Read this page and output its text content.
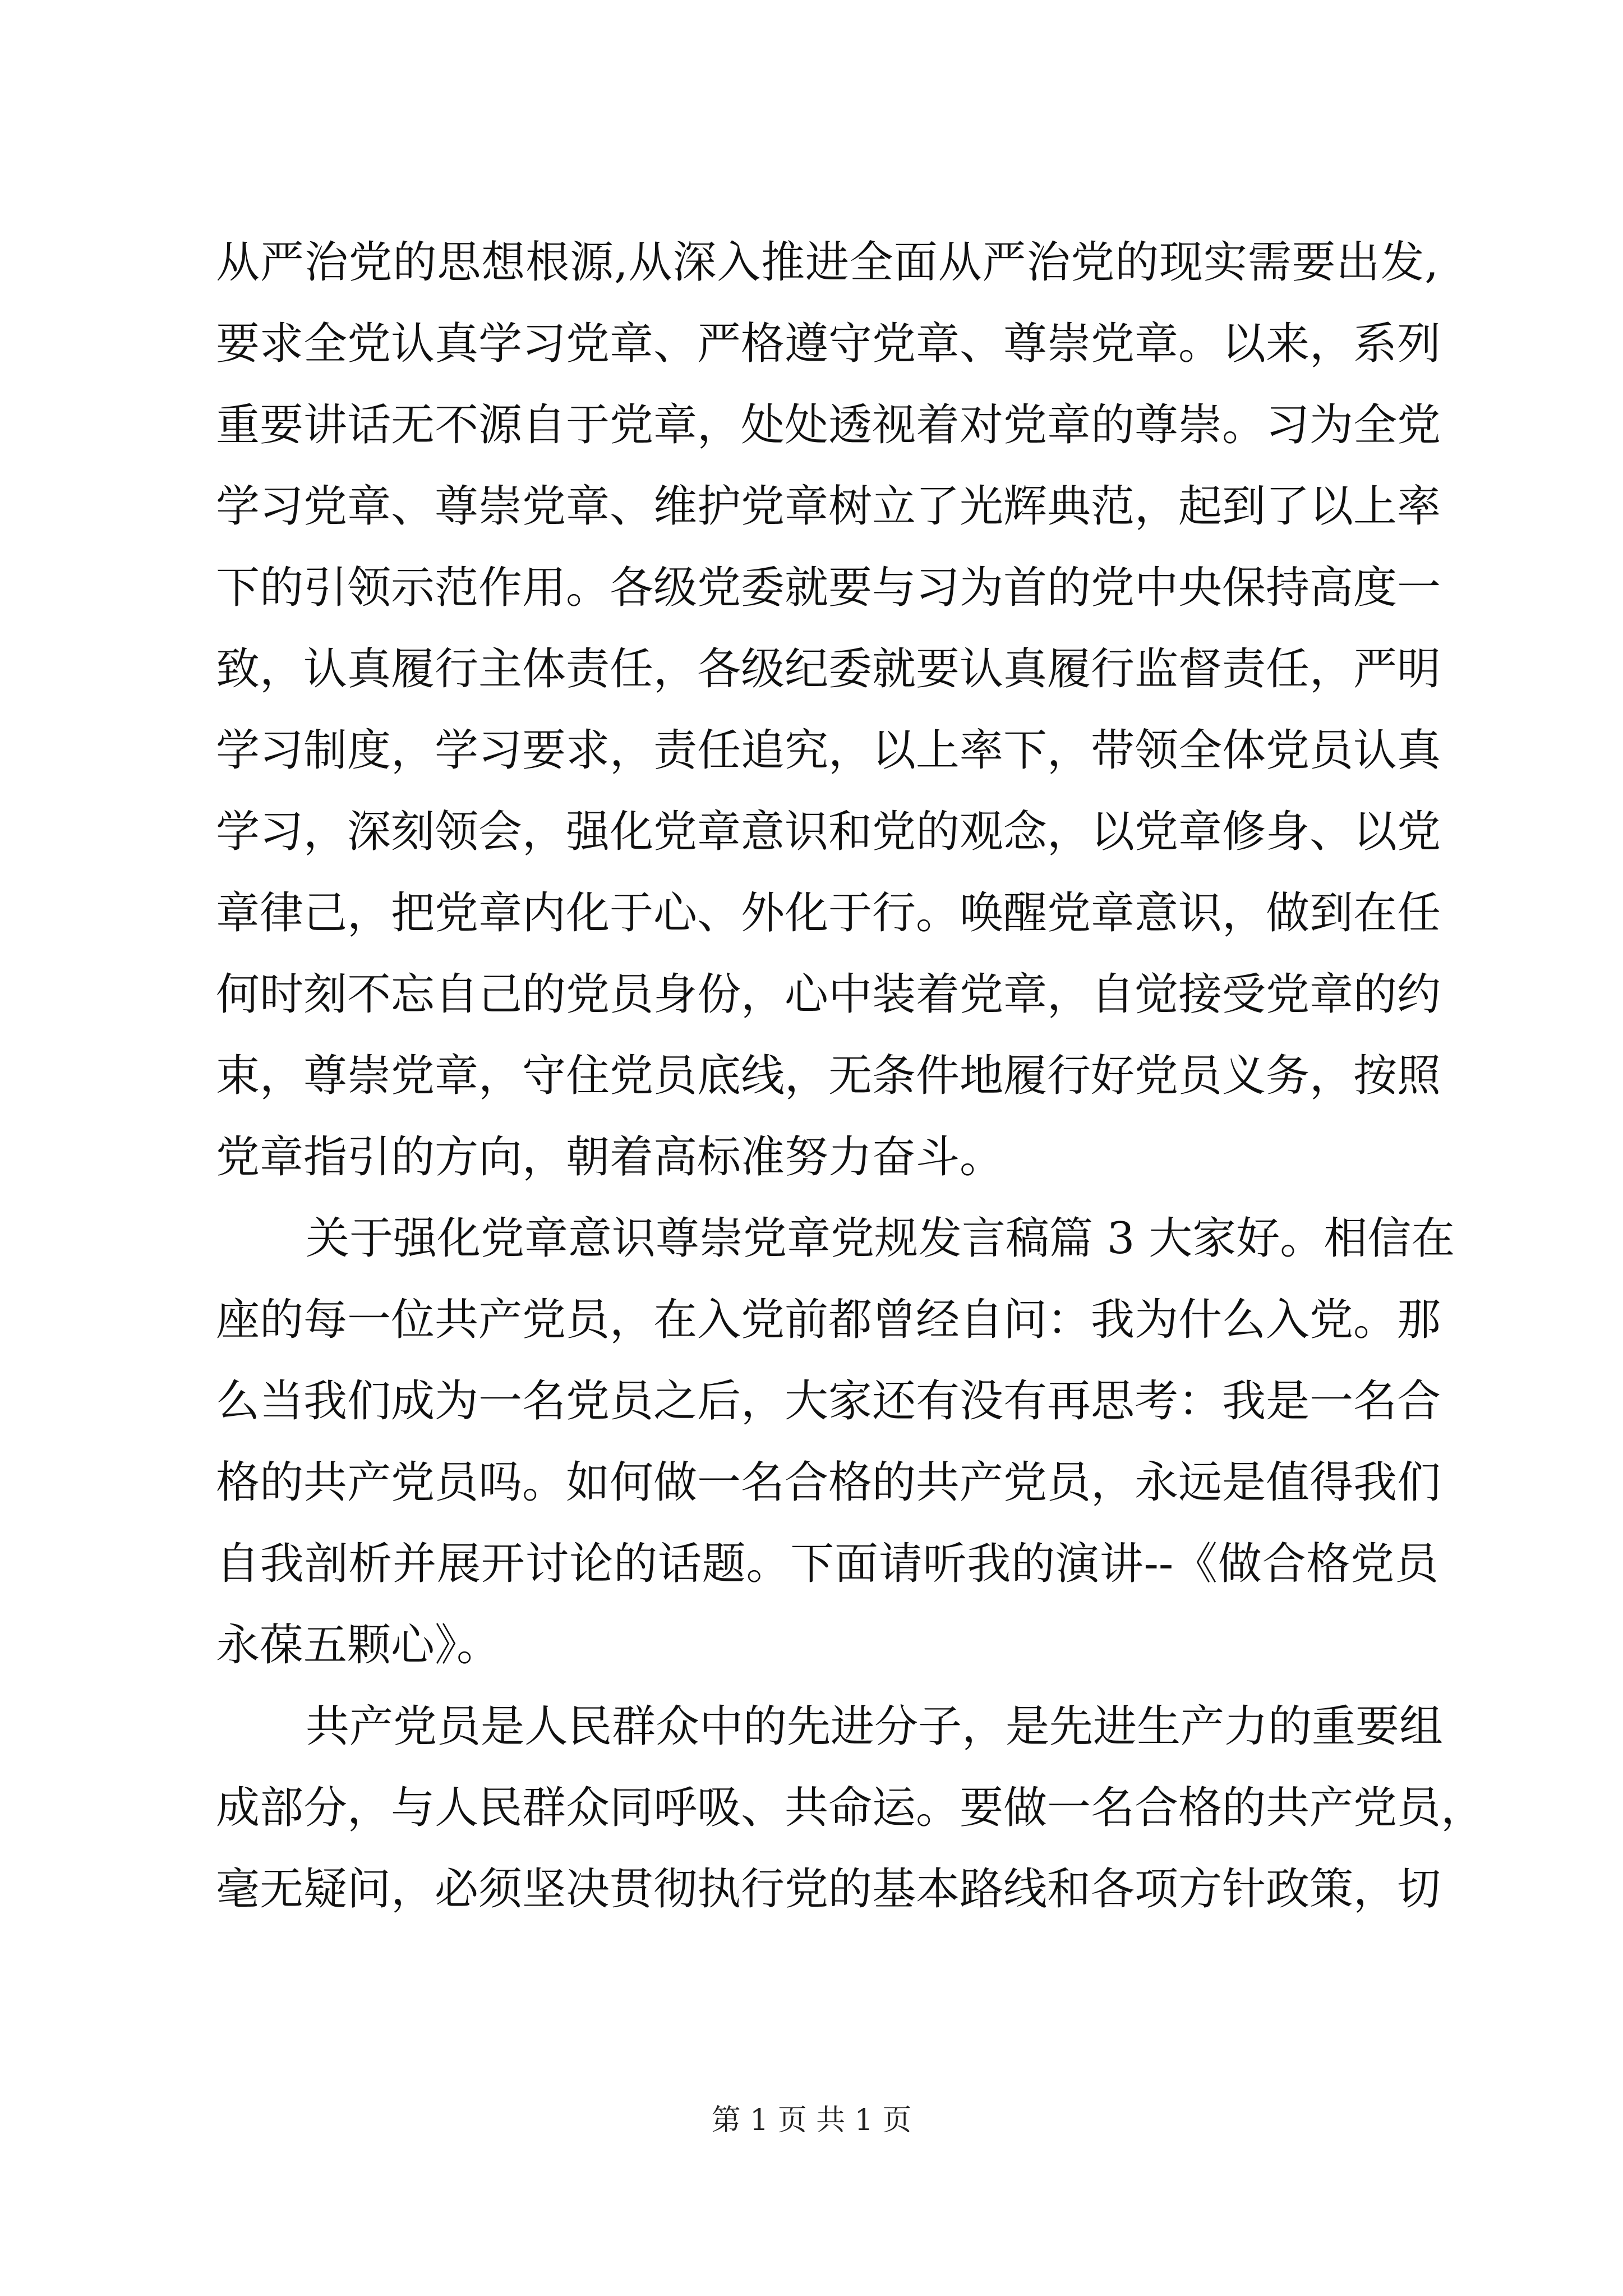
从严治党的思想根源,从深入推进全面从严治党的现实需要出发,
要求全党认真学习党章、严格遵守党章、尊崇党章。以来，系列
重要讲话无不源自于党章，处处透视着对党章的尊崇。习为全党
学习党章、尊崇党章、维护党章树立了光辉典范，起到了以上率
下的引领示范作用。各级党委就要与习为首的党中央保持高度一
致，认真履行主体责任，各级纪委就要认真履行监督责任，严明
学习制度，学习要求，责任追究，以上率下，带领全体党员认真
学习，深刻领会，强化党章意识和党的观念，以党章修身、以党
章律己，把党章内化于心、外化于行。唤醒党章意识，做到在任
何时刻不忘自己的党员身份，心中装着党章，自觉接受党章的约
束，尊崇党章，守住党员底线，无条件地履行好党员义务，按照
党章指引的方向，朝着高标准努力奋斗。
关于强化党章意识尊崇党章党规发言稿篇 3 大家好。相信在
座的每一位共产党员，在入党前都曾经自问：我为什么入党。那
么当我们成为一名党员之后，大家还有没有再思考：我是一名合
格的共产党员吗。如何做一名合格的共产党员，永远是值得我们
自我剖析并展开讨论的话题。下面请听我的演讲--《做合格党员
永葆五颗心》。
共产党员是人民群众中的先进分子，是先进生产力的重要组
成部分，与人民群众同呼吸、共命运。要做一名合格的共产党员，
毫无疑问，必须坚决贯彻执行党的基本路线和各项方针政策，切
第 1 页 共 1 页
